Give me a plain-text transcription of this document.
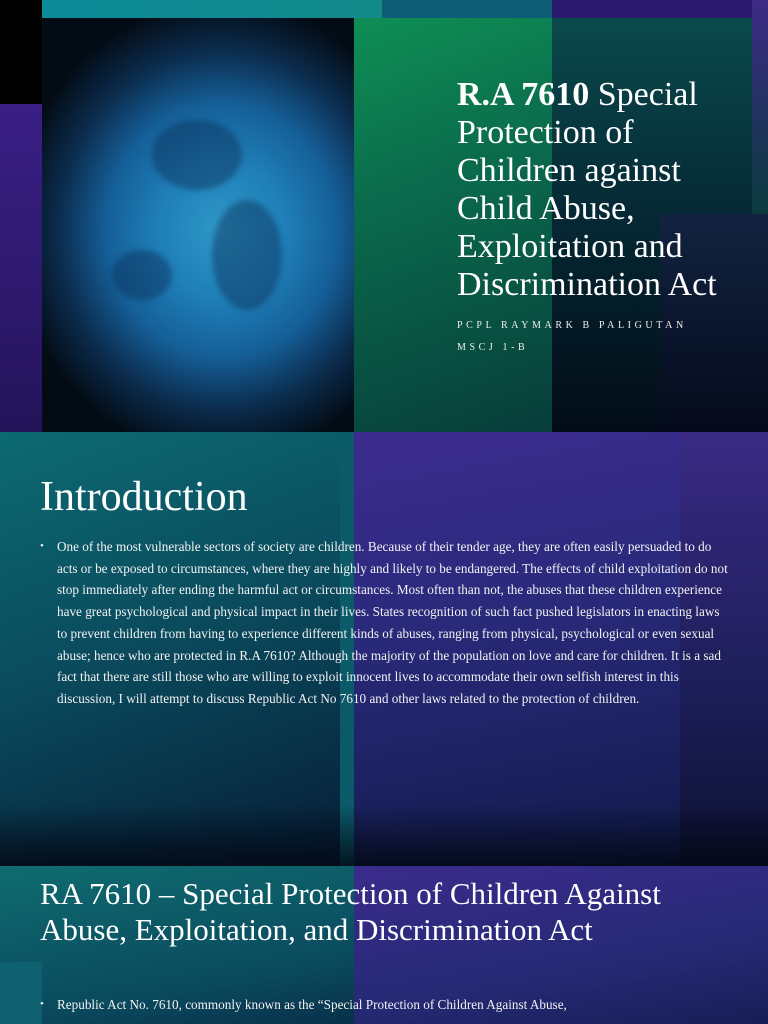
R.A 7610 Special Protection of Children against Child Abuse, Exploitation and Discrimination Act

PCPL RAYMARK B PALIGUTAN

MSCJ 1-B

Introduction
• One of the most vulnerable sectors of society are children. Because of their tender age, they are often easily persuaded to do acts or be exposed to circumstances, where they are highly and likely to be endangered. The effects of child exploitation do not stop immediately after ending the harmful act or circumstances. Most often than not, the abuses that these children experience have great psychological and physical impact in their lives. States recognition of such fact pushed legislators in enacting laws to prevent children from having to experience different kinds of abuses, ranging from physical, psychological or even sexual abuse; hence who are protected in R.A 7610? Although the majority of the population on love and care for children. It is a sad fact that there are still those who are willing to exploit innocent lives to accommodate their own selfish interest in this discussion, I will attempt to discuss Republic Act No 7610 and other laws related to the protection of children.
RA 7610 – Special Protection of Children Against Abuse, Exploitation, and Discrimination Act
• Republic Act No. 7610, commonly known as the “Special Protection of Children Against Abuse,
